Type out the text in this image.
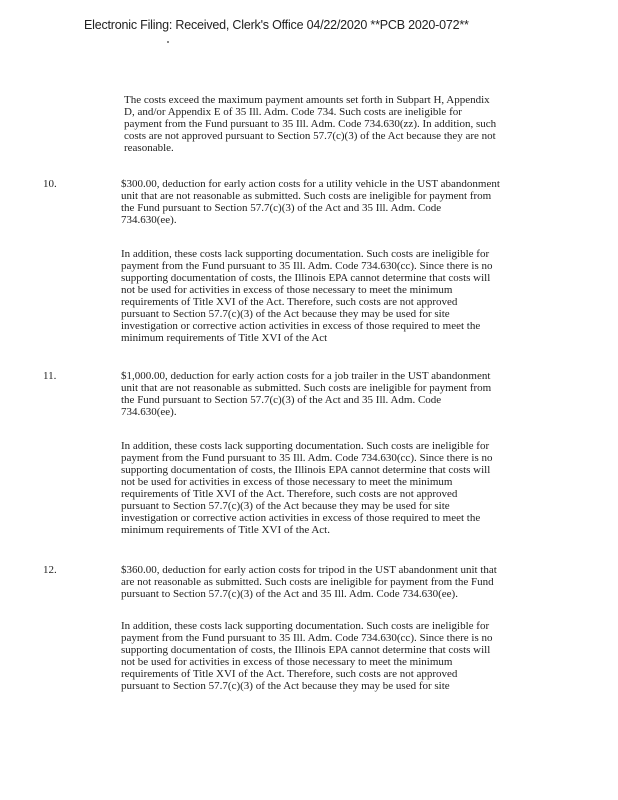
Electronic Filing: Received, Clerk's Office 04/22/2020 **PCB 2020-072**
The costs exceed the maximum payment amounts set forth in Subpart H, Appendix
D, and/or Appendix E of 35 Ill. Adm. Code 734. Such costs are ineligible for
payment from the Fund pursuant to 35 Ill. Adm. Code 734.630(zz). In addition, such
costs are not approved pursuant to Section 57.7(c)(3) of the Act because they are not
reasonable.
10.	$300.00, deduction for early action costs for a utility vehicle in the UST abandonment
unit that are not reasonable as submitted. Such costs are ineligible for payment from
the Fund pursuant to Section 57.7(c)(3) of the Act and 35 Ill. Adm. Code
734.630(ee).
In addition, these costs lack supporting documentation. Such costs are ineligible for
payment from the Fund pursuant to 35 Ill. Adm. Code 734.630(cc). Since there is no
supporting documentation of costs, the Illinois EPA cannot determine that costs will
not be used for activities in excess of those necessary to meet the minimum
requirements of Title XVI of the Act. Therefore, such costs are not approved
pursuant to Section 57.7(c)(3) of the Act because they may be used for site
investigation or corrective action activities in excess of those required to meet the
minimum requirements of Title XVI of the Act
11.	$1,000.00, deduction for early action costs for a job trailer in the UST abandonment
unit that are not reasonable as submitted. Such costs are ineligible for payment from
the Fund pursuant to Section 57.7(c)(3) of the Act and 35 Ill. Adm. Code
734.630(ee).
In addition, these costs lack supporting documentation. Such costs are ineligible for
payment from the Fund pursuant to 35 Ill. Adm. Code 734.630(cc). Since there is no
supporting documentation of costs, the Illinois EPA cannot determine that costs will
not be used for activities in excess of those necessary to meet the minimum
requirements of Title XVI of the Act. Therefore, such costs are not approved
pursuant to Section 57.7(c)(3) of the Act because they may be used for site
investigation or corrective action activities in excess of those required to meet the
minimum requirements of Title XVI of the Act.
12.	$360.00, deduction for early action costs for tripod in the UST abandonment unit that
are not reasonable as submitted. Such costs are ineligible for payment from the Fund
pursuant to Section 57.7(c)(3) of the Act and 35 Ill. Adm. Code 734.630(ee).
In addition, these costs lack supporting documentation. Such costs are ineligible for
payment from the Fund pursuant to 35 Ill. Adm. Code 734.630(cc). Since there is no
supporting documentation of costs, the Illinois EPA cannot determine that costs will
not be used for activities in excess of those necessary to meet the minimum
requirements of Title XVI of the Act. Therefore, such costs are not approved
pursuant to Section 57.7(c)(3) of the Act because they may be used for site
